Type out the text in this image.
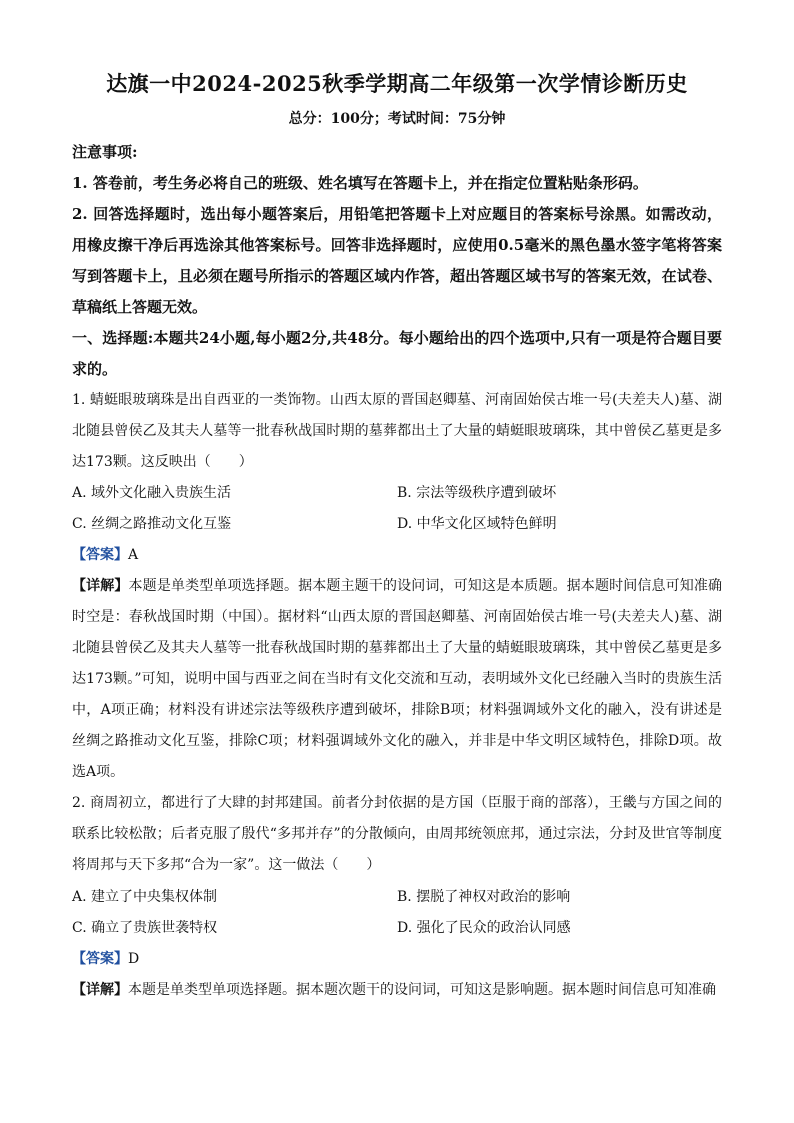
达旗一中2024-2025秋季学期高二年级第一次学情诊断历史
总分：100分；考试时间：75分钟
注意事项:
1. 答卷前，考生务必将自己的班级、姓名填写在答题卡上，并在指定位置粘贴条形码。
2. 回答选择题时，选出每小题答案后，用铅笔把答题卡上对应题目的答案标号涂黑。如需改动，用橡皮擦干净后再选涂其他答案标号。回答非选择题时，应使用0.5毫米的黑色墨水签字笔将答案写到答题卡上，且必须在题号所指示的答题区域内作答，超出答题区域书写的答案无效，在试卷、草稿纸上答题无效。
一、选择题:本题共24小题,每小题2分,共48分。每小题给出的四个选项中,只有一项是符合题目要求的。
1. 蜻蜓眼玻璃珠是出自西亚的一类饰物。山西太原的晋国赵卿墓、河南固始侯古堆一号(夫差夫人)墓、湖北随县曾侯乙及其夫人墓等一批春秋战国时期的墓葬都出土了大量的蜻蜓眼玻璃珠，其中曾侯乙墓更是多达173颗。这反映出（　　）
A. 域外文化融入贵族生活	B. 宗法等级秩序遭到破坏
C. 丝绸之路推动文化互鉴	D. 中华文化区域特色鲜明
【答案】A
【详解】本题是单类型单项选择题。据本题主题干的设问词，可知这是本质题。据本题时间信息可知准确时空是：春秋战国时期（中国）。据材料“山西太原的晋国赵卿墓、河南固始侯古堆一号(夫差夫人)墓、湖北随县曾侯乙及其夫人墓等一批春秋战国时期的墓葬都出土了大量的蜻蜓眼玻璃珠，其中曾侯乙墓更是多达173颗。”可知，说明中国与西亚之间在当时有文化交流和互动，表明域外文化已经融入当时的贵族生活中，A项正确；材料没有讲述宗法等级秩序遭到破坏，排除B项；材料强调域外文化的融入，没有讲述是丝绸之路推动文化互鉴，排除C项；材料强调域外文化的融入，并非是中华文明区域特色，排除D项。故选A项。
2. 商周初立，都进行了大肆的封邦建国。前者分封依据的是方国（臣服于商的部落），王畿与方国之间的联系比较松散；后者克服了殷代“多邦并存”的分散倾向，由周邦统领庶邦，通过宗法，分封及世官等制度将周邦与天下多邦“合为一家”。这一做法（　　）
A. 建立了中央集权体制	B. 摆脱了神权对政治的影响
C. 确立了贵族世袭特权	D. 强化了民众的政治认同感
【答案】D
【详解】本题是单类型单项选择题。据本题次题干的设问词，可知这是影响题。据本题时间信息可知准确
